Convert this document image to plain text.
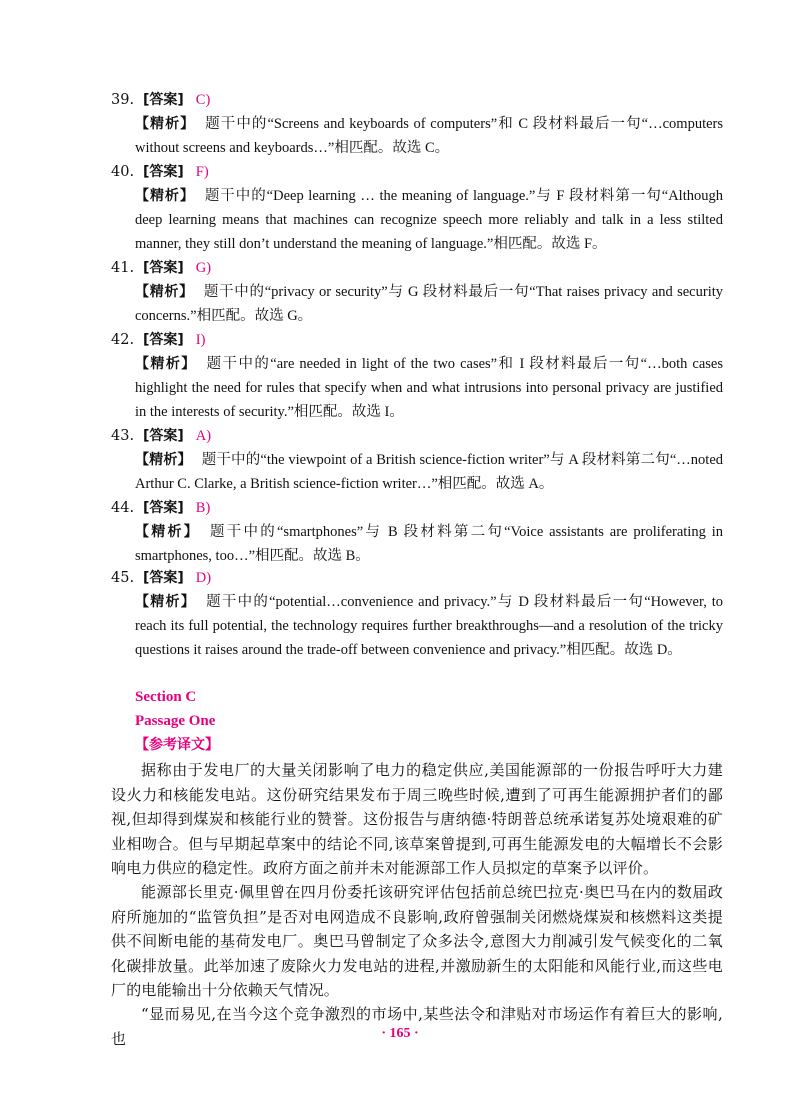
39. [答案] C)
【精析】 题干中的“Screens and keyboards of computers”和 C 段材料最后一句“…computers without screens and keyboards…”相匹配。故选 C。
40. [答案] F)
【精析】 题干中的“Deep learning … the meaning of language.”与 F 段材料第一句“Although deep learning means that machines can recognize speech more reliably and talk in a less stilted manner, they still don’t understand the meaning of language.”相匹配。故选 F。
41. [答案] G)
【精析】 题干中的“privacy or security”与 G 段材料最后一句“That raises privacy and security concerns.”相匹配。故选 G。
42. [答案] I)
【精析】 题干中的“are needed in light of the two cases”和 I 段材料最后一句“…both cases highlight the need for rules that specify when and what intrusions into personal privacy are justified in the interests of security.”相匹配。故选 I。
43. [答案] A)
【精析】 题干中的“the viewpoint of a British science-fiction writer”与 A 段材料第二句“…noted Arthur C. Clarke, a British science-fiction writer…”相匹配。故选 A。
44. [答案] B)
【精析】 题干中的“smartphones”与 B 段材料第二句“Voice assistants are proliferating in smartphones, too…”相匹配。故选 B。
45. [答案] D)
【精析】 题干中的“potential…convenience and privacy.”与 D 段材料最后一句“However, to reach its full potential, the technology requires further breakthroughs—and a resolution of the tricky questions it raises around the trade-off between convenience and privacy.”相匹配。故选 D。
Section C
Passage One
【参考译文】
据称由于发电厂的大量关闭影响了电力的稳定供应,美国能源部的一份报告呼吁大力建设火力和核能发电站。这份研究结果发布于周三晚些时候,遭到了可再生能源拥护者们的鄙视,但却得到煤炭和核能行业的赞誉。这份报告与唐纳德·特朗普总统承诺复苏处境艰难的矿业相吻合。但与早期起草案中的结论不同,该草案曾提到,可再生能源发电的大幅增长不会影响电力供应的稳定性。政府方面之前并未对能源部工作人员拟定的草案予以评价。
能源部长里克·佩里曾在四月份委托该研究评估包括前总统巴拉克·奥巴马在内的数届政府所施加的“监管负担”是否对电网造成不良影响,政府曾强制关闭燃烧煤炭和核燃料这类提供不间断电能的基荷发电厂。奥巴马曾制定了众多法令,意图大力削减引发气候变化的二氧化碳排放量。此举加速了废除火力发电站的进程,并激励新生的太阳能和风能行业,而这些电厂的电能输出十分依赖天气情况。
“显而易见,在当今这个竞争激烈的市场中,某些法令和津贴对市场运作有着巨大的影响,也	· 165 ·
